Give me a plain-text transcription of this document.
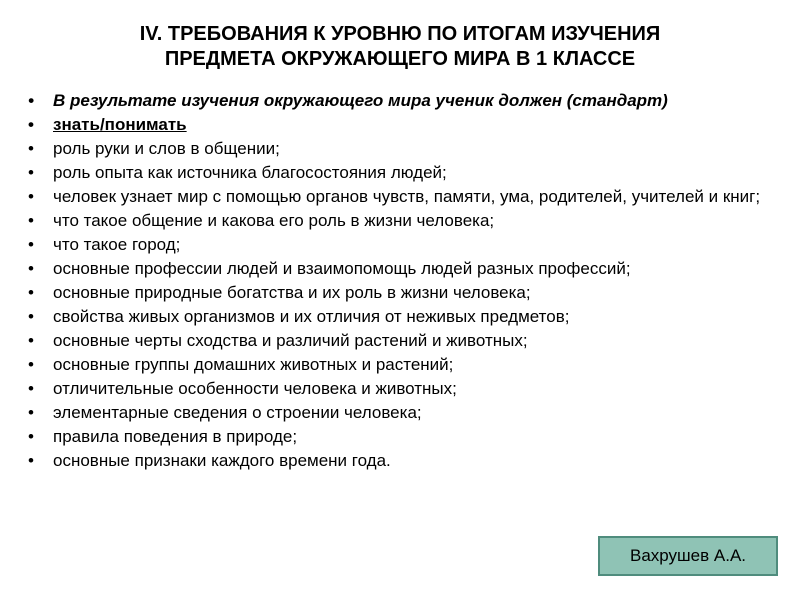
IV. ТРЕБОВАНИЯ К УРОВНЮ ПО ИТОГАМ ИЗУЧЕНИЯ
ПРЕДМЕТА ОКРУЖАЮЩЕГО МИРА В 1 КЛАССЕ
• В результате изучения окружающего мира ученик должен (стандарт)
• знать/понимать
• роль руки и слов в общении;
• роль опыта как источника благосостояния людей;
• человек узнает мир с помощью органов чувств, памяти, ума, родителей, учителей и книг;
• что такое общение и какова его роль в жизни человека;
• что такое город;
• основные профессии людей и взаимопомощь людей разных профессий;
• основные природные богатства и их роль в жизни человека;
• свойства живых организмов и их отличия от неживых предметов;
• основные черты сходства и различий растений и животных;
• основные группы домашних животных и растений;
• отличительные особенности человека и животных;
• элементарные сведения о строении человека;
• правила поведения в природе;
• основные признаки каждого времени года.
Вахрушев А.А.
